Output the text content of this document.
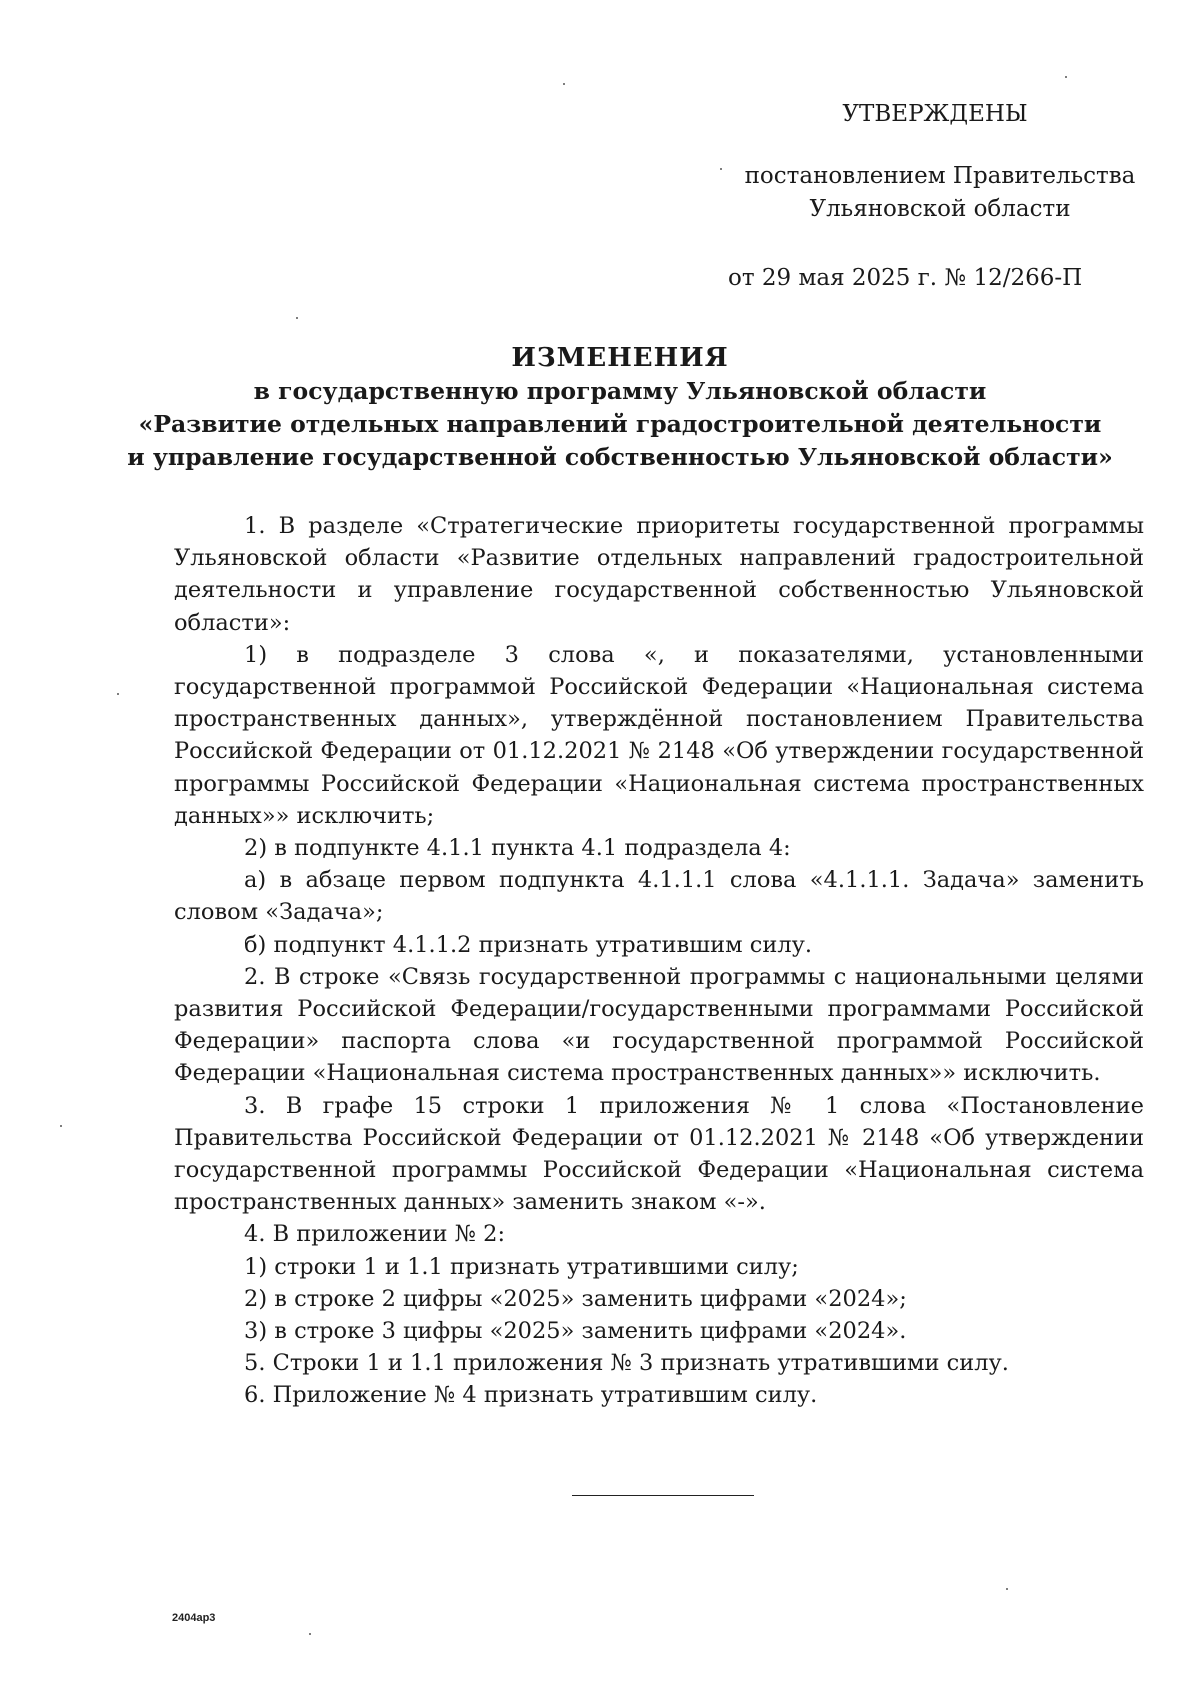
УТВЕРЖДЕНЫ
постановлением Правительства
Ульяновской области
от 29 мая 2025 г. № 12/266-П
ИЗМЕНЕНИЯ
в государственную программу Ульяновской области
«Развитие отдельных направлений градостроительной деятельности
и управление государственной собственностью Ульяновской области»

1. В разделе «Стратегические приоритеты государственной программы Ульяновской области «Развитие отдельных направлений градостроительной деятельности и управление государственной собственностью Ульяновской области»:

1) в подразделе 3 слова «, и показателями, установленными государственной программой Российской Федерации «Национальная система пространственных данных», утверждённой постановлением Правительства Российской Федерации от 01.12.2021 № 2148 «Об утверждении государственной программы Российской Федерации «Национальная система пространственных данных»» исключить;

2) в подпункте 4.1.1 пункта 4.1 подраздела 4:

а) в абзаце первом подпункта 4.1.1.1 слова «4.1.1.1. Задача» заменить словом «Задача»;

б) подпункт 4.1.1.2 признать утратившим силу.

2. В строке «Связь государственной программы с национальными целями развития Российской Федерации/государственными программами Российской Федерации» паспорта слова «и государственной программой Российской Федерации «Национальная система пространственных данных»» исключить.

3. В графе 15 строки 1 приложения № 1 слова «Постановление Правительства Российской Федерации от 01.12.2021 № 2148 «Об утверждении государственной программы Российской Федерации «Национальная система пространственных данных» заменить знаком «-».

4. В приложении № 2:

1) строки 1 и 1.1 признать утратившими силу;

2) в строке 2 цифры «2025» заменить цифрами «2024»;

3) в строке 3 цифры «2025» заменить цифрами «2024».

5. Строки 1 и 1.1 приложения № 3 признать утратившими силу.

6. Приложение № 4 признать утратившим силу.

2404ар3
